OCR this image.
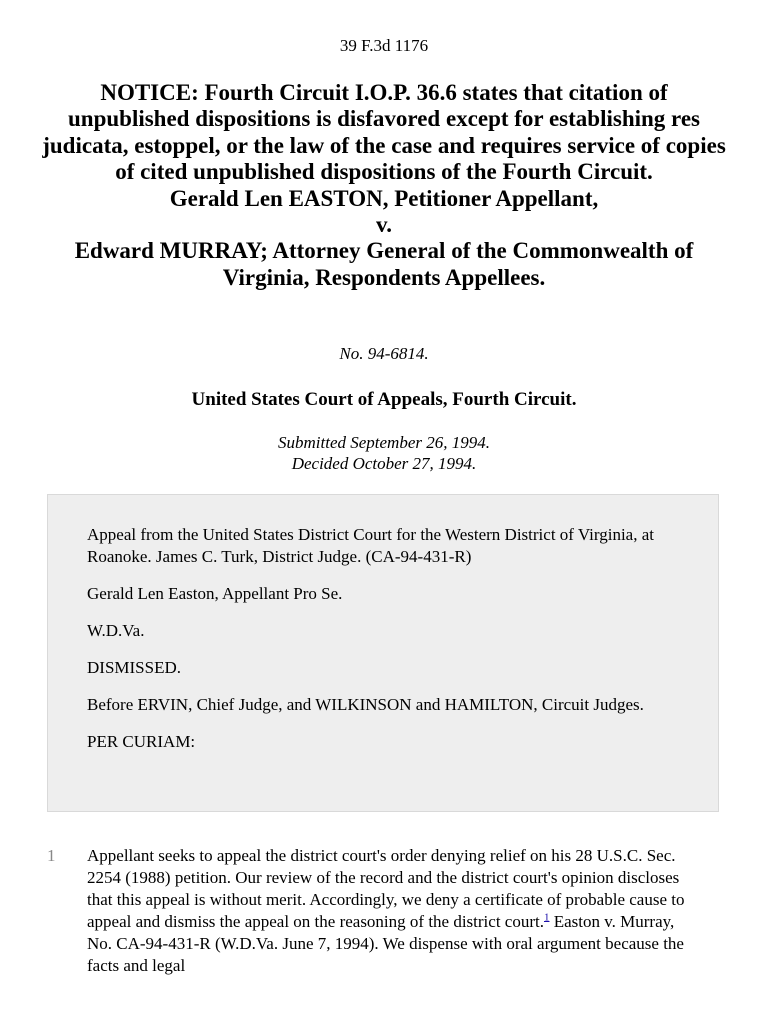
39 F.3d 1176
NOTICE: Fourth Circuit I.O.P. 36.6 states that citation of unpublished dispositions is disfavored except for establishing res judicata, estoppel, or the law of the case and requires service of copies of cited unpublished dispositions of the Fourth Circuit.
Gerald Len EASTON, Petitioner Appellant,
v.
Edward MURRAY; Attorney General of the Commonwealth of Virginia, Respondents Appellees.
No. 94-6814.
United States Court of Appeals, Fourth Circuit.
Submitted September 26, 1994.
Decided October 27, 1994.

Appeal from the United States District Court for the Western District of Virginia, at Roanoke. James C. Turk, District Judge. (CA-94-431-R)

Gerald Len Easton, Appellant Pro Se.

W.D.Va.

DISMISSED.

Before ERVIN, Chief Judge, and WILKINSON and HAMILTON, Circuit Judges.

PER CURIAM:

1 Appellant seeks to appeal the district court's order denying relief on his 28 U.S.C. Sec. 2254 (1988) petition. Our review of the record and the district court's opinion discloses that this appeal is without merit. Accordingly, we deny a certificate of probable cause to appeal and dismiss the appeal on the reasoning of the district court.$^1$ Easton v. Murray, No. CA-94-431-R (W.D.Va. June 7, 1994). We dispense with oral argument because the facts and legal
